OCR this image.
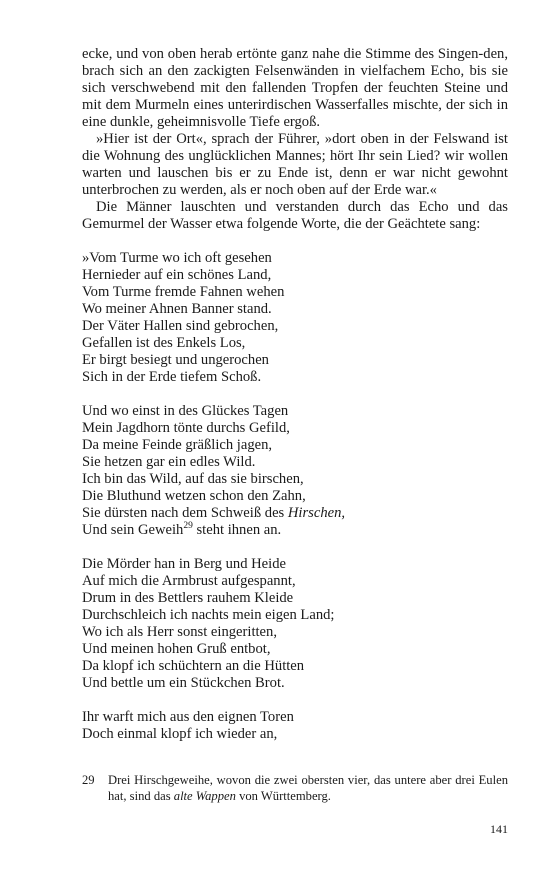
ecke, und von oben herab ertönte ganz nahe die Stimme des Singen-den, brach sich an den zackigten Felsenwänden in vielfachem Echo, bis sie sich verschwebend mit den fallenden Tropfen der feuchten Steine und mit dem Murmeln eines unterirdischen Wasserfalles mischte, der sich in eine dunkle, geheimnisvolle Tiefe ergoß.

»Hier ist der Ort«, sprach der Führer, »dort oben in der Felswand ist die Wohnung des unglücklichen Mannes; hört Ihr sein Lied? wir wollen warten und lauschen bis er zu Ende ist, denn er war nicht gewohnt unterbrochen zu werden, als er noch oben auf der Erde war.«

Die Männer lauschten und verstanden durch das Echo und das Gemurmel der Wasser etwa folgende Worte, die der Geächtete sang:

»Vom Turme wo ich oft gesehen
Hernieder auf ein schönes Land,
Vom Turme fremde Fahnen wehen
Wo meiner Ahnen Banner stand.
Der Väter Hallen sind gebrochen,
Gefallen ist des Enkels Los,
Er birgt besiegt und ungerochen
Sich in der Erde tiefem Schoß.
Und wo einst in des Glückes Tagen
Mein Jagdhorn tönte durchs Gefild,
Da meine Feinde gräßlich jagen,
Sie hetzen gar ein edles Wild.
Ich bin das Wild, auf das sie birschen,
Die Bluthund wetzen schon den Zahn,
Sie dürsten nach dem Schweiß des Hirschen,
Und sein Geweih$^{29}$ steht ihnen an.
Die Mörder han in Berg und Heide
Auf mich die Armbrust aufgespannt,
Drum in des Bettlers rauhem Kleide
Durchschleich ich nachts mein eigen Land;
Wo ich als Herr sonst eingeritten,
Und meinen hohen Gruß entbot,
Da klopf ich schüchtern an die Hütten
Und bettle um ein Stückchen Brot.
Ihr warft mich aus den eignen Toren
Doch einmal klopf ich wieder an,
29	Drei Hirschgeweihe, wovon die zwei obersten vier, das untere aber drei Eulen hat, sind das alte Wappen von Württemberg.
141
